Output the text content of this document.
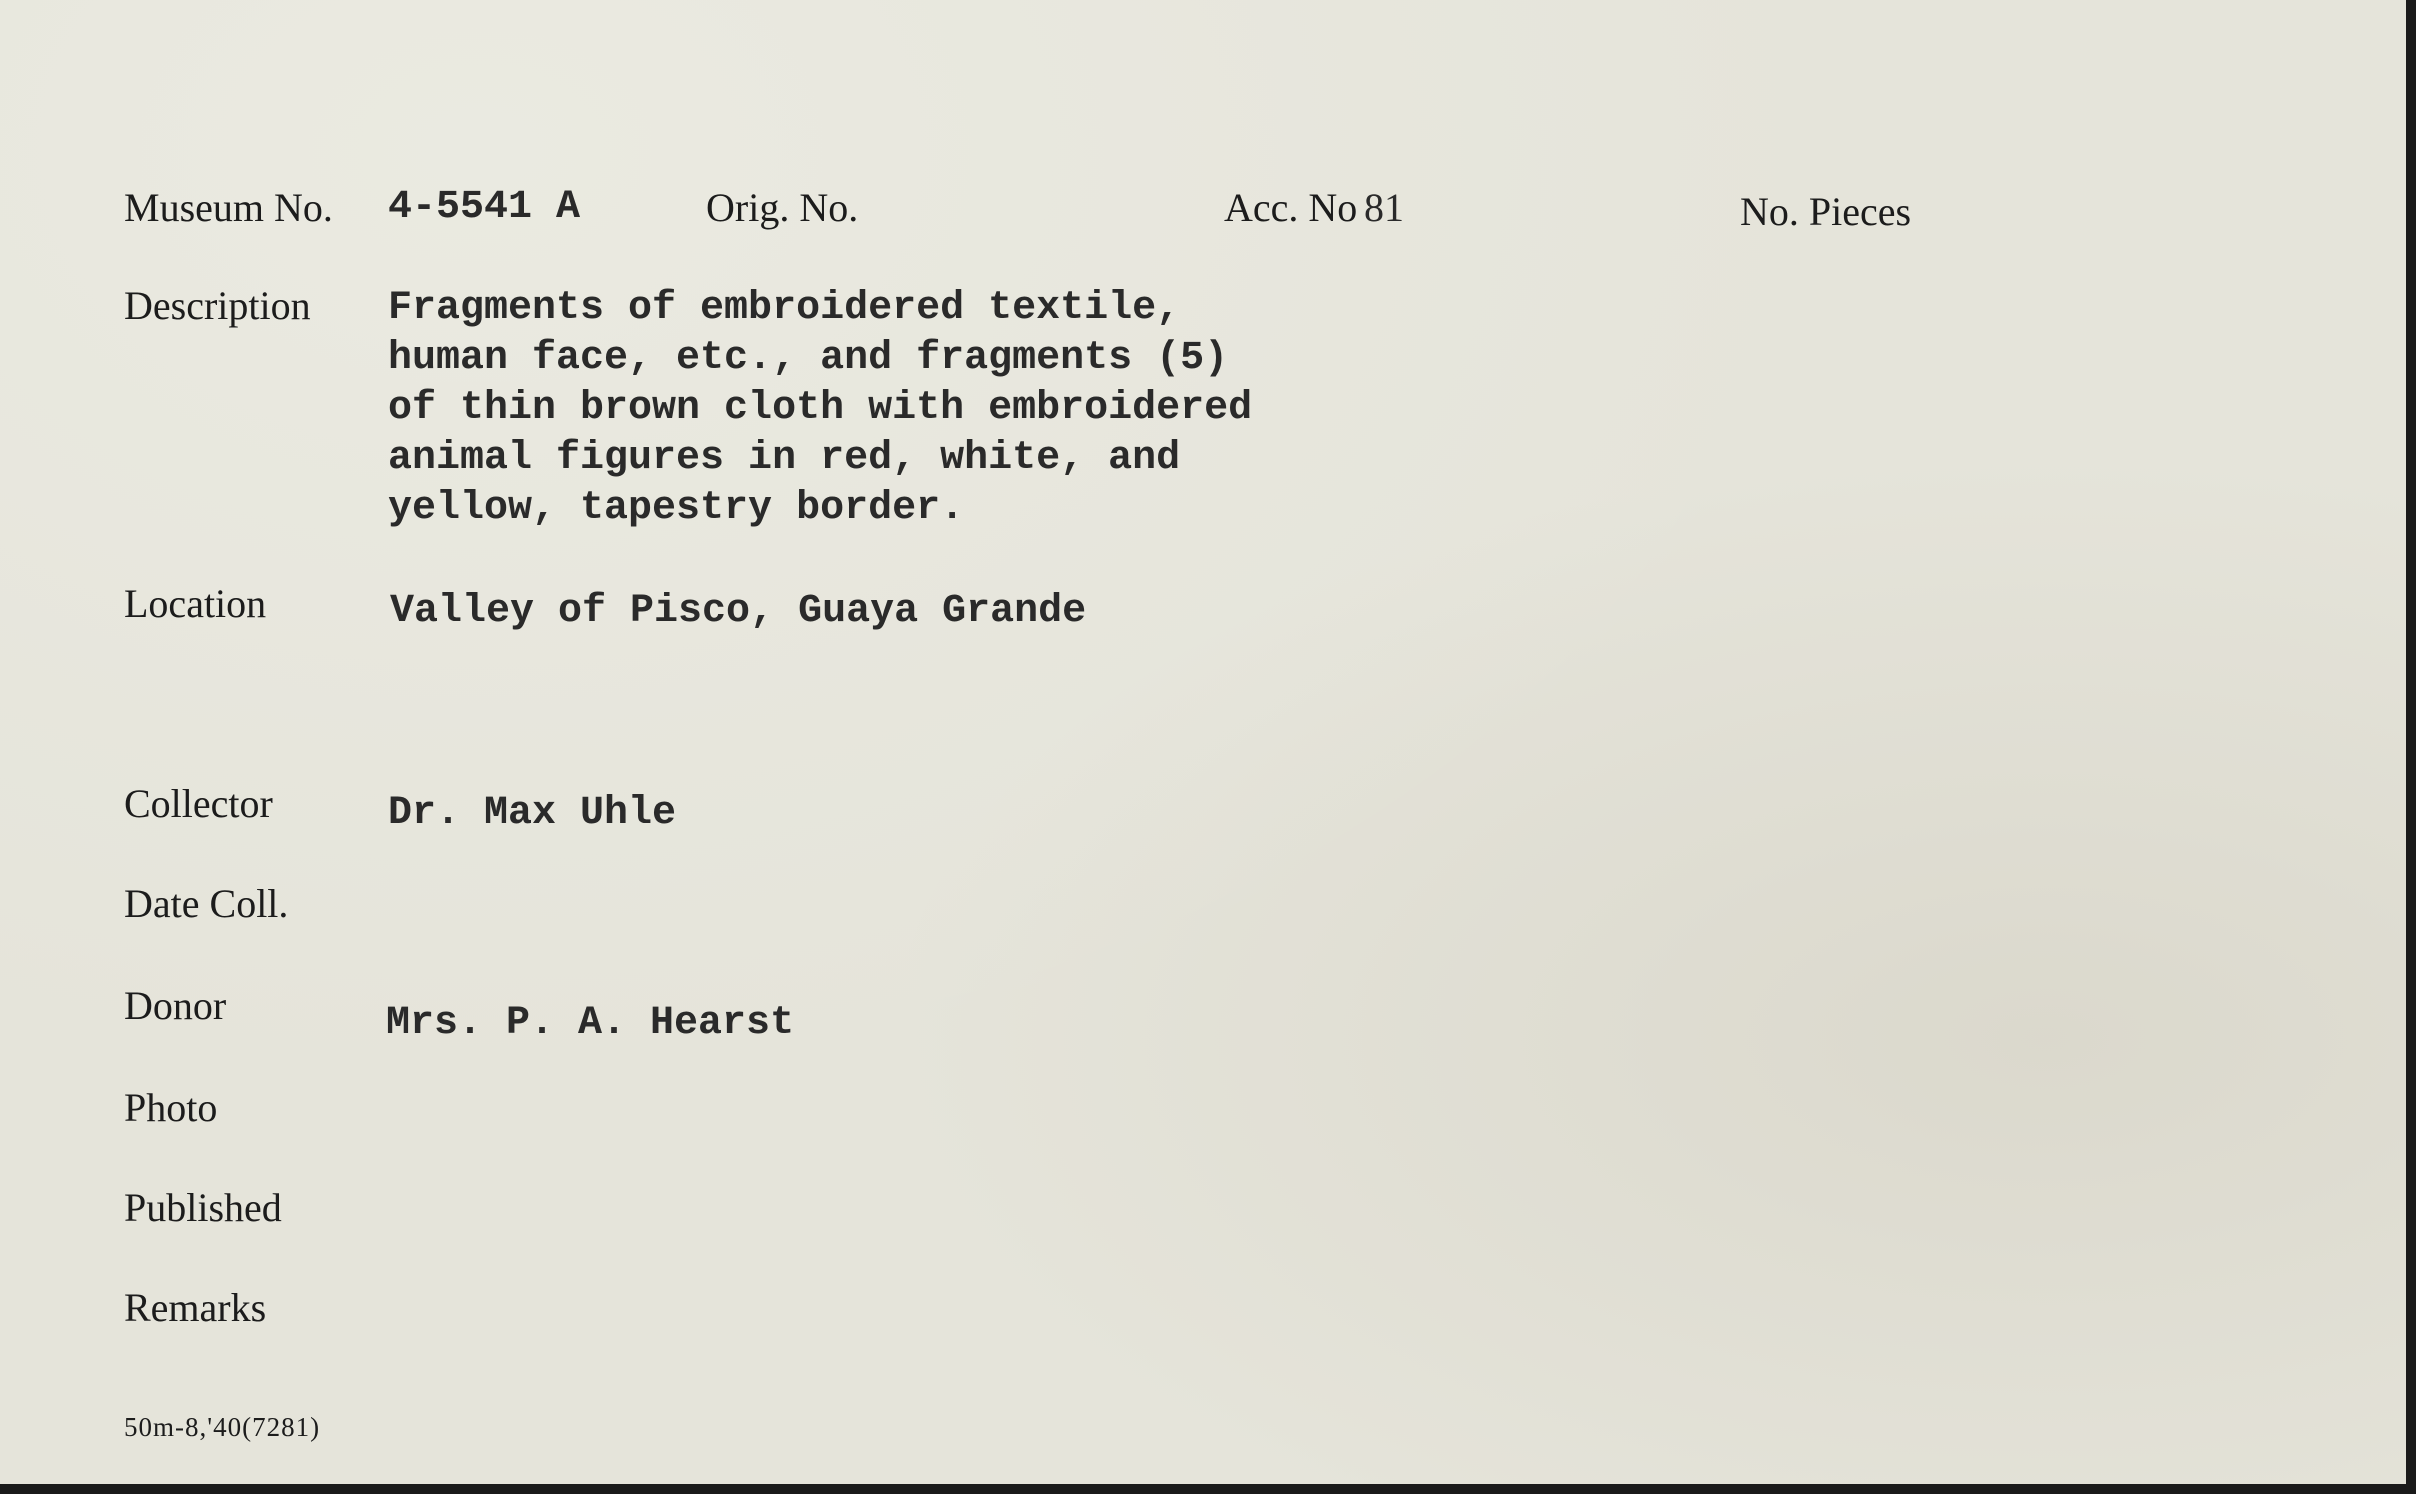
Museum No. 4-5541 A	Orig. No.	Acc. No 81	No. Pieces
Description Fragments of embroidered textile,
human face, etc., and fragments (5)
of thin brown cloth with embroidered
animal figures in red, white, and
yellow, tapestry border.
Location	Valley of Pisco, Guaya Grande
Collector	Dr. Max Uhle
Date Coll.
Donor	Mrs. P. A. Hearst
Photo
Published
Remarks
50m-8,'40(7281)
